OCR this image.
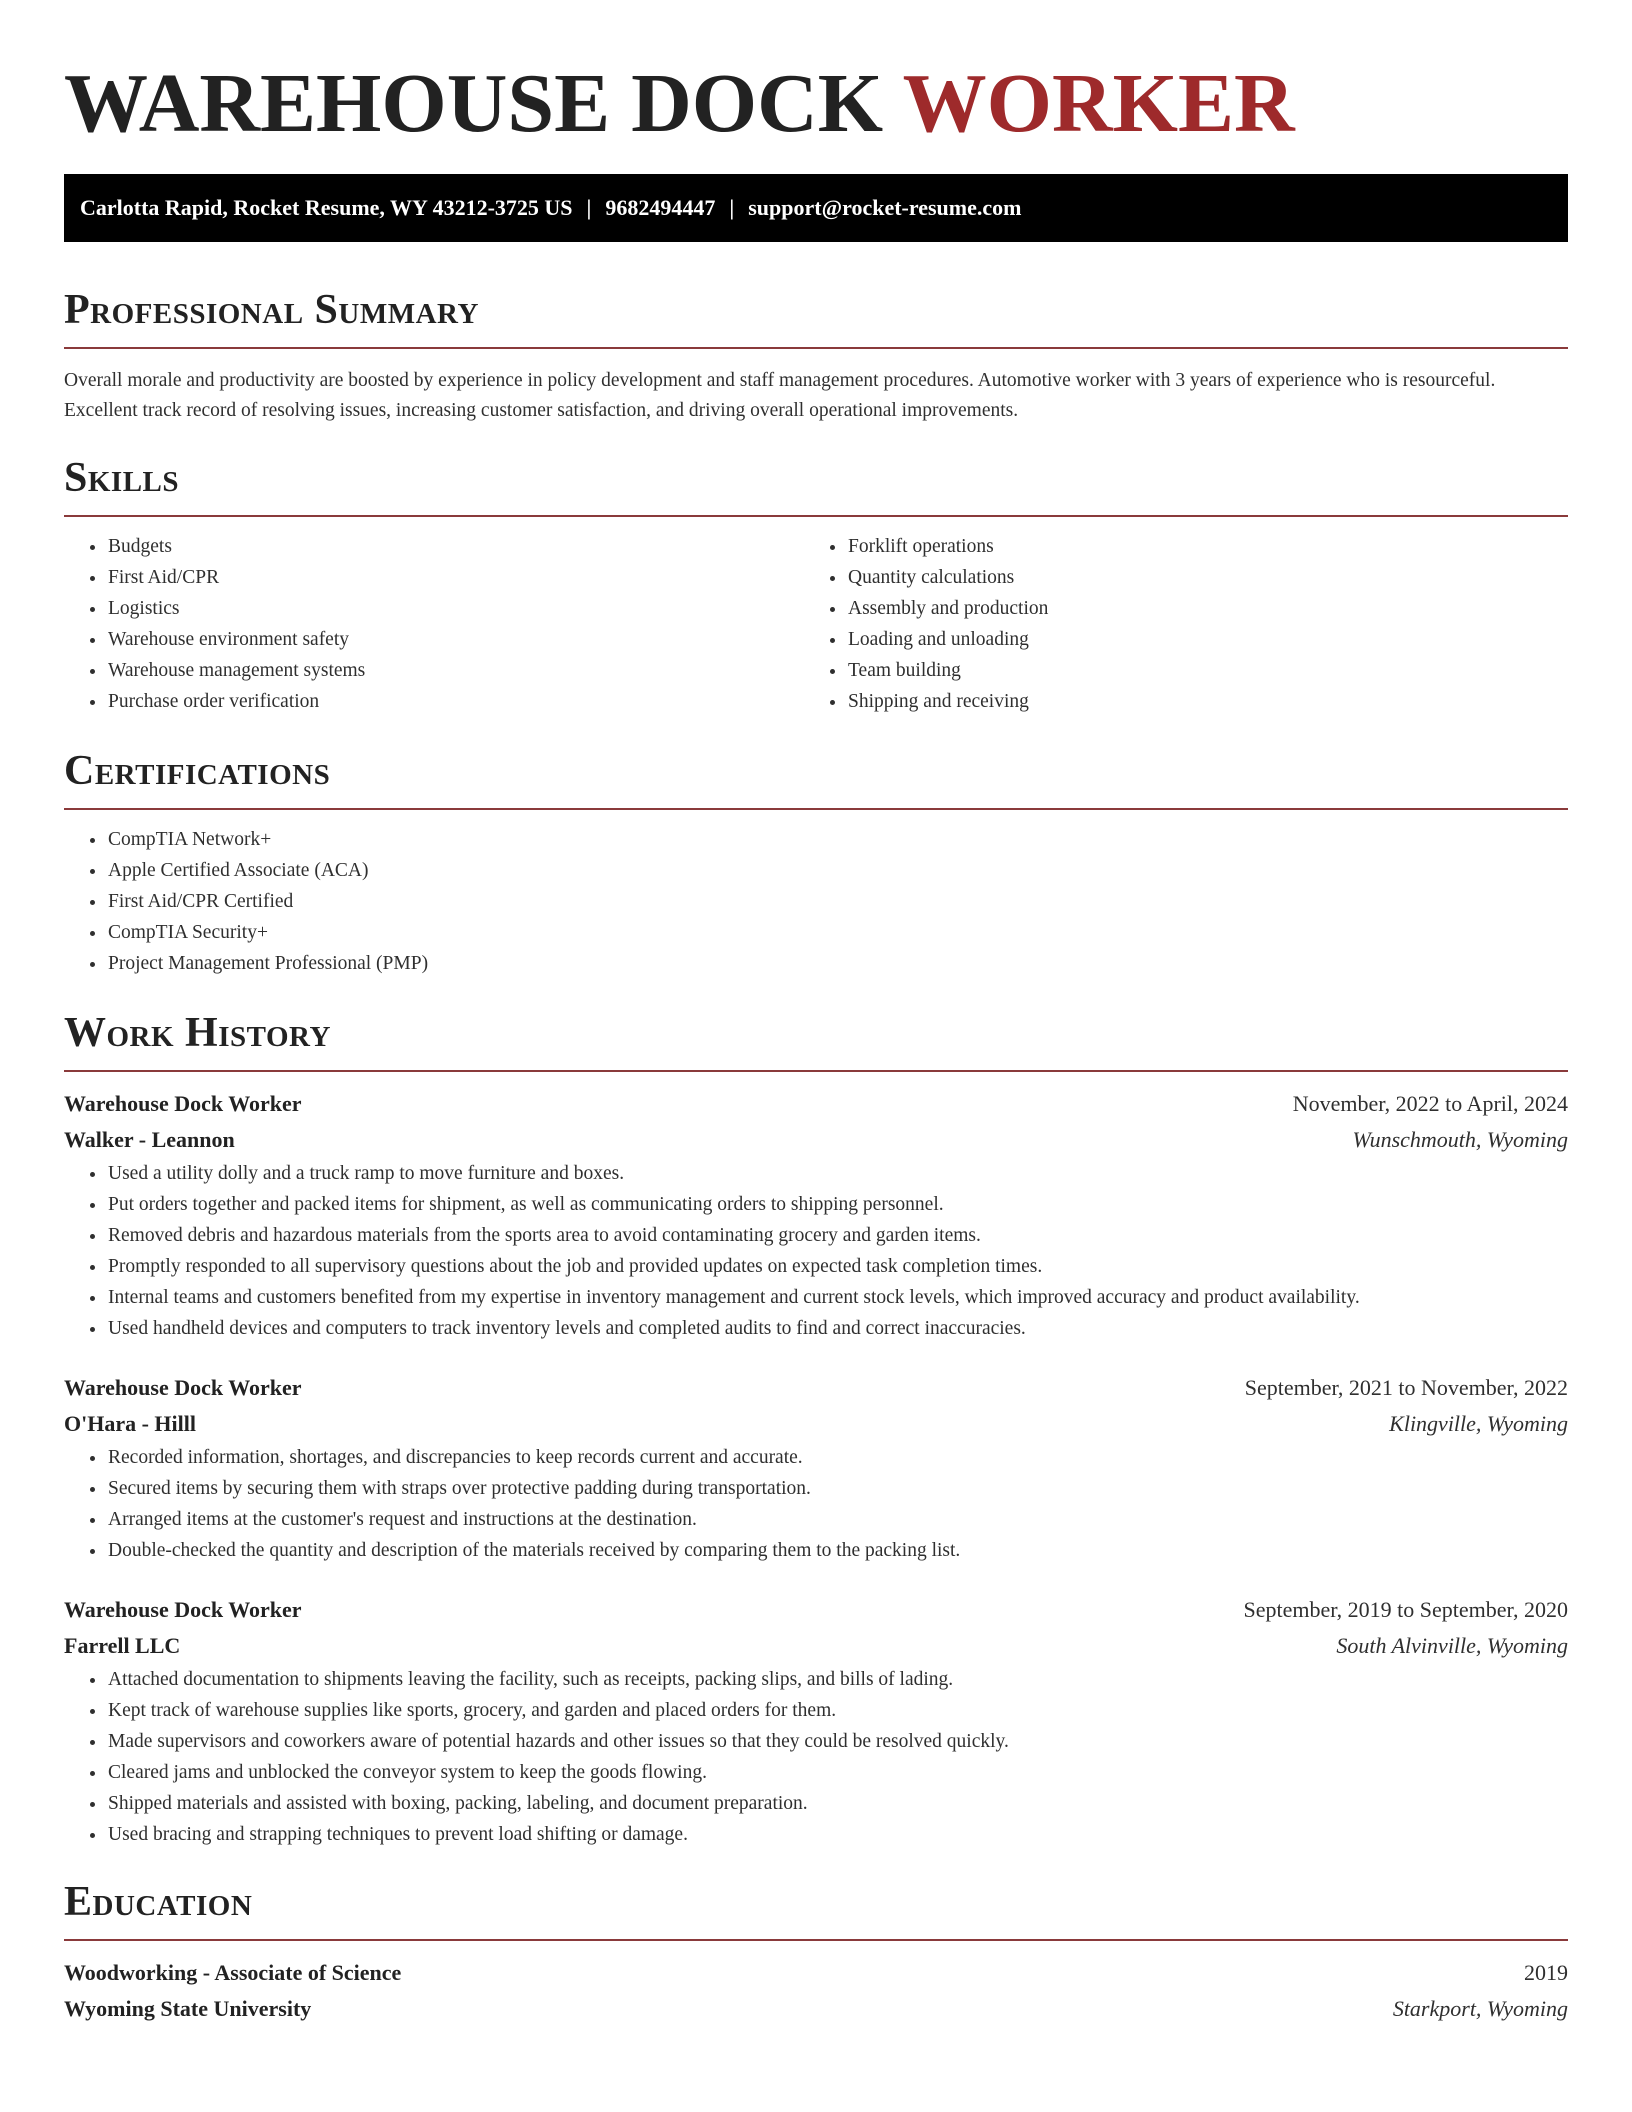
WAREHOUSE DOCK WORKER
Carlotta Rapid, Rocket Resume, WY 43212-3725 US | 9682494447 | support@rocket-resume.com
Professional Summary

Overall morale and productivity are boosted by experience in policy development and staff management procedures. Automotive worker with 3 years of experience who is resourceful. Excellent track record of resolving issues, increasing customer satisfaction, and driving overall operational improvements.

Skills
• Budgets
• First Aid/CPR
• Logistics
• Warehouse environment safety
• Warehouse management systems
• Purchase order verification
• Forklift operations
• Quantity calculations
• Assembly and production
• Loading and unloading
• Team building
• Shipping and receiving
Certifications
• CompTIA Network+
• Apple Certified Associate (ACA)
• First Aid/CPR Certified
• CompTIA Security+
• Project Management Professional (PMP)
Work History
Warehouse Dock Worker	November, 2022 to April, 2024
Walker - Leannon	Wunschmouth, Wyoming
• Used a utility dolly and a truck ramp to move furniture and boxes.
• Put orders together and packed items for shipment, as well as communicating orders to shipping personnel.
• Removed debris and hazardous materials from the sports area to avoid contaminating grocery and garden items.
• Promptly responded to all supervisory questions about the job and provided updates on expected task completion times.
• Internal teams and customers benefited from my expertise in inventory management and current stock levels, which improved accuracy and product availability.
• Used handheld devices and computers to track inventory levels and completed audits to find and correct inaccuracies.
Warehouse Dock Worker	September, 2021 to November, 2022
O'Hara - Hilll	Klingville, Wyoming
• Recorded information, shortages, and discrepancies to keep records current and accurate.
• Secured items by securing them with straps over protective padding during transportation.
• Arranged items at the customer's request and instructions at the destination.
• Double-checked the quantity and description of the materials received by comparing them to the packing list.
Warehouse Dock Worker	September, 2019 to September, 2020
Farrell LLC	South Alvinville, Wyoming
• Attached documentation to shipments leaving the facility, such as receipts, packing slips, and bills of lading.
• Kept track of warehouse supplies like sports, grocery, and garden and placed orders for them.
• Made supervisors and coworkers aware of potential hazards and other issues so that they could be resolved quickly.
• Cleared jams and unblocked the conveyor system to keep the goods flowing.
• Shipped materials and assisted with boxing, packing, labeling, and document preparation.
• Used bracing and strapping techniques to prevent load shifting or damage.
Education
Woodworking - Associate of Science	2019
Wyoming State University	Starkport, Wyoming
